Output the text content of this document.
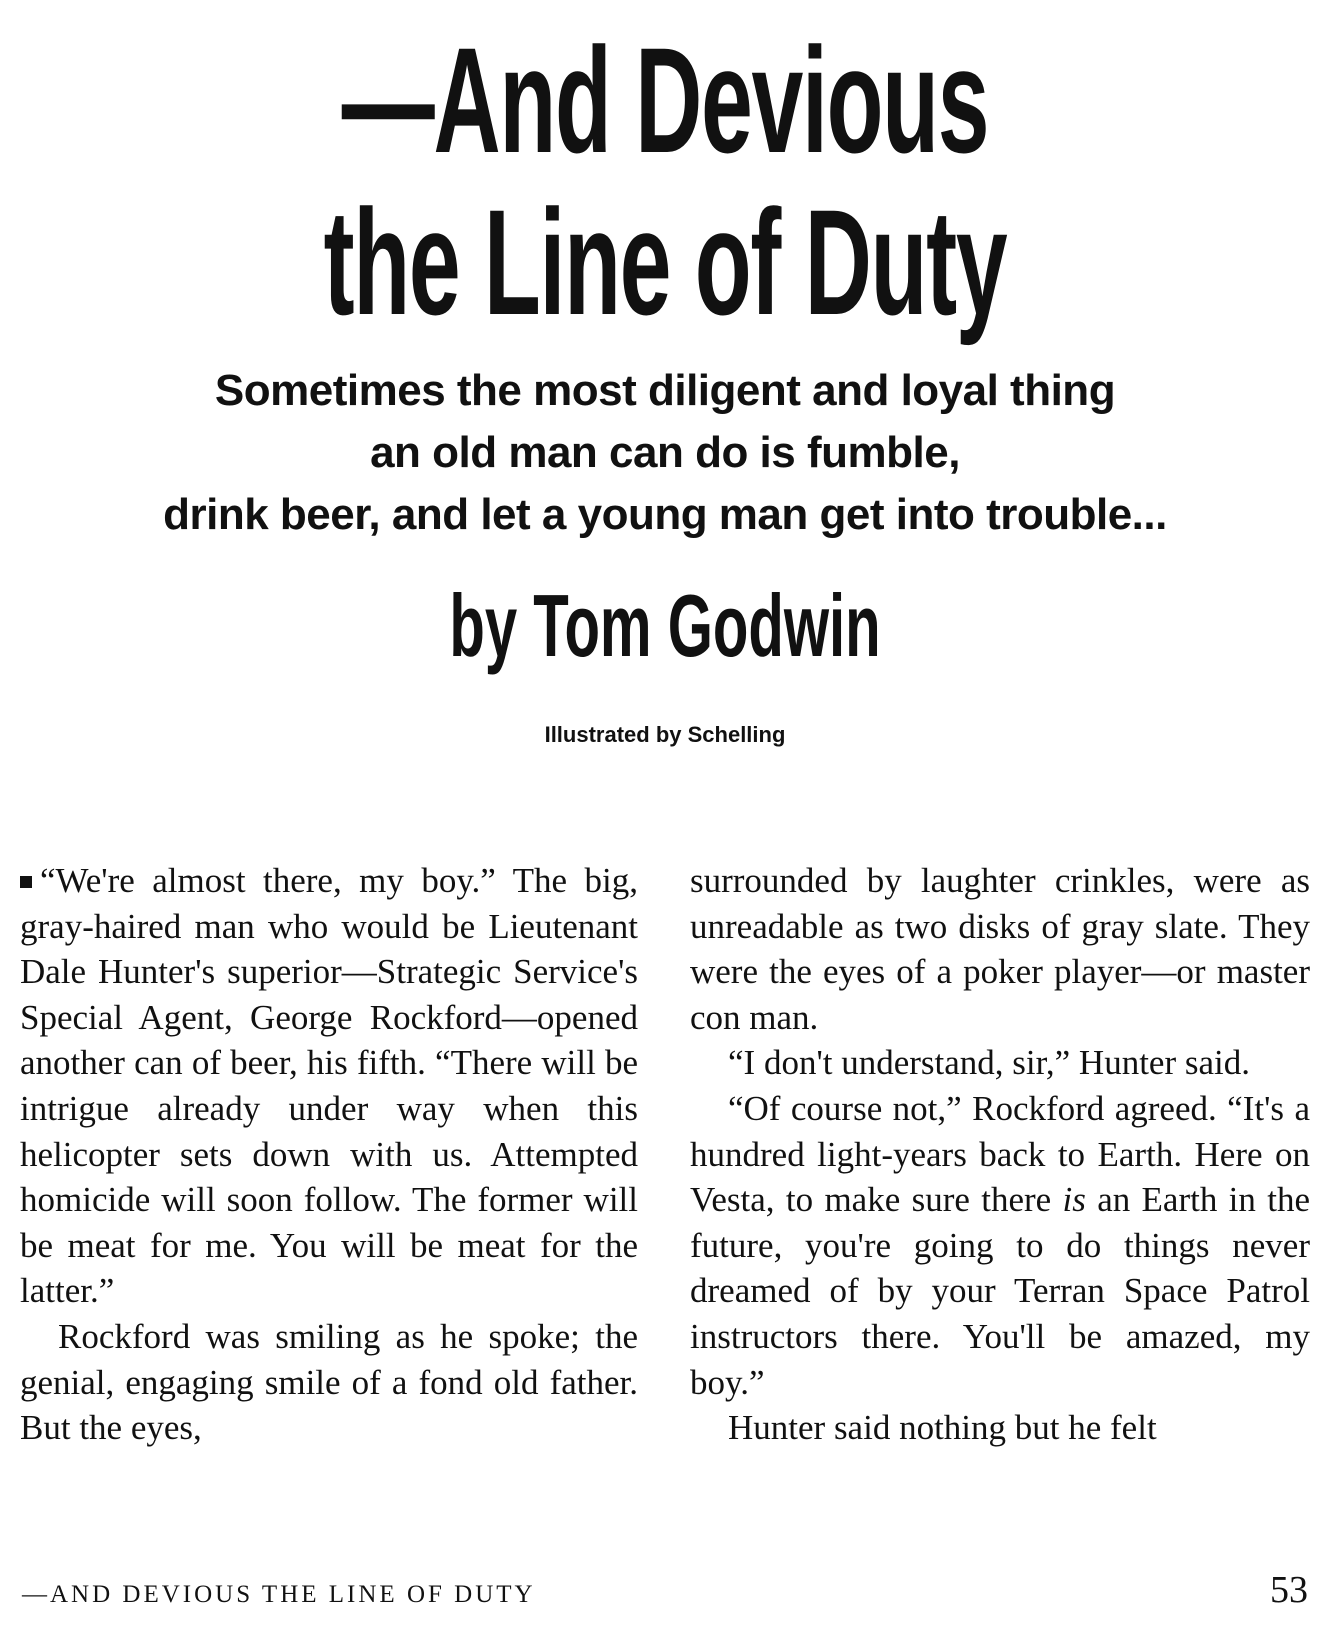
—And Devious
the Line of Duty
Sometimes the most diligent and loyal thing
an old man can do is fumble,
drink beer, and let a young man get into trouble...
by Tom Godwin
Illustrated by Schelling

“We're almost there, my boy.” The big, gray-haired man who would be Lieutenant Dale Hunter's superior—Strategic Service's Special Agent, George Rockford—opened another can of beer, his fifth. “There will be intrigue already under way when this helicopter sets down with us. Attempted homicide will soon follow. The former will be meat for me. You will be meat for the latter.”

Rockford was smiling as he spoke; the genial, engaging smile of a fond old father. But the eyes,

surrounded by laughter crinkles, were as unreadable as two disks of gray slate. They were the eyes of a poker player—or master con man.

“I don't understand, sir,” Hunter said.

“Of course not,” Rockford agreed. “It's a hundred light-years back to Earth. Here on Vesta, to make sure there is an Earth in the future, you're going to do things never dreamed of by your Terran Space Patrol instructors there. You'll be amazed, my boy.”

Hunter said nothing but he felt

—AND DEVIOUS THE LINE OF DUTY	53
